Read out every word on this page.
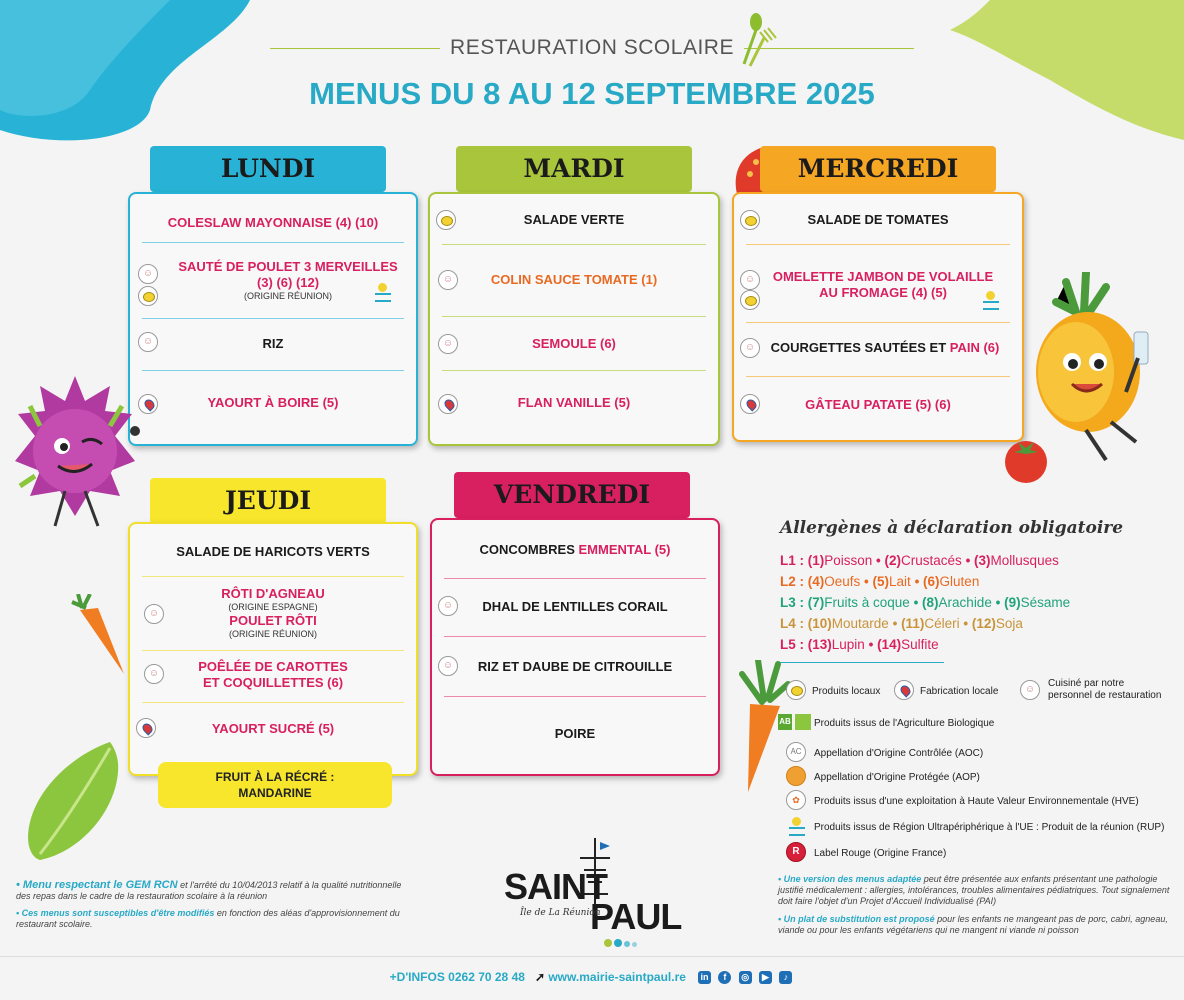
RESTAURATION SCOLAIRE
MENUS DU 8 AU 12 SEPTEMBRE 2025
LUNDI
COLESLAW MAYONNAISE (4) (10)
SAUTÉ DE POULET 3 MERVEILLES
(3) (6) (12)
(ORIGINE RÉUNION)
☺
RIZ
☺
YAOURT À BOIRE (5)
MARDI
SALADE VERTE
COLIN SAUCE TOMATE (1)
☺
SEMOULE (6)
☺
FLAN VANILLE (5)
MERCREDI
SALADE DE TOMATES
OMELETTE JAMBON DE VOLAILLE
AU FROMAGE (4) (5)
☺
COURGETTES SAUTÉES ET
PAIN (6)
☺
GÂTEAU PATATE (5) (6)
JEUDI
SALADE DE HARICOTS VERTS
RÔTI D'AGNEAU
(ORIGINE ESPAGNE)
POULET RÔTI
(ORIGINE RÉUNION)
☺
POÊLÉE DE CAROTTES
ET COQUILLETTES (6)
☺
YAOURT SUCRÉ (5)
FRUIT À LA RÉCRÉ :
MANDARINE
VENDREDI
CONCOMBRES
EMMENTAL (5)
DHAL DE LENTILLES CORAIL
☺
RIZ ET DAUBE DE CITROUILLE
☺
POIRE
Allergènes à déclaration obligatoire
L1 : (1)Poisson • (2)Crustacés • (3)Mollusques
L2 : (4)Oeufs • (5)Lait • (6)Gluten
L3 : (7)Fruits à coque • (8)Arachide • (9)Sésame
L4 : (10)Moutarde • (11)Céleri • (12)Soja
L5 : (13)Lupin • (14)Sulfite
Produits locaux	Fabrication locale	☺
Cuisiné par notre
personnel de restauration
AB Produits issus de l'Agriculture Biologique
AC	Appellation d'Origine Contrôlée (AOC)
Appellation d'Origine Protégée (AOP)
✿	Produits issus d'une exploitation à Haute Valeur Environnementale (HVE)
Produits issus de Région Ultrapériphérique à l'UE : Produit de la réunion (RUP)
R	Label Rouge (Origine France)
• Menu respectant le GEM RCN et l'arrêté du 10/04/2013 relatif à la qualité nutritionnelle des repas dans le cadre de la restauration scolaire à la réunion
• Ces menus sont susceptibles d'être modifiés en fonction des aléas d'approvisionnement du restaurant scolaire.
• Une version des menus adaptée peut être présentée aux enfants présentant une pathologie justifié médicalement : allergies, intolérances, troubles alimentaires pédiatriques. Tout signalement doit faire l'objet d'un Projet d'Accueil Individualisé (PAI)
• Un plat de substitution est proposé pour les enfants ne mangeant pas de porc, cabri, agneau, viande ou pour les enfants végétariens qui ne mangent ni viande ni poisson
SAINT
PAUL
Île de La Réunion
+D'INFOS 0262 70 28 48 ➚ www.mairie-saintpaul.re in f ◎ ▶ ♪
